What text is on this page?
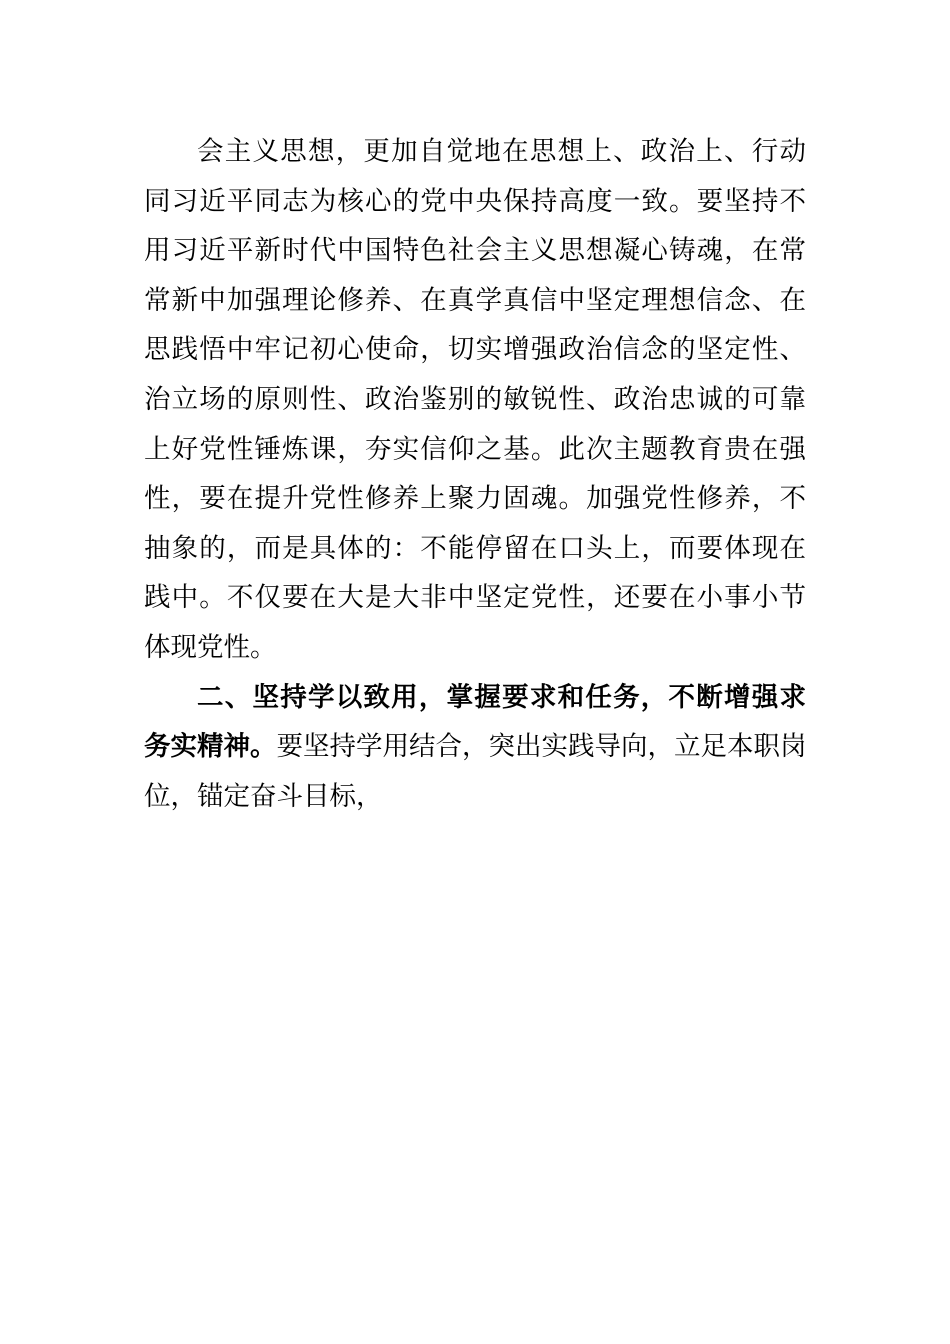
会主义思想，更加自觉地在思想上、政治上、行动
同习近平同志为核心的党中央保持高度一致。要坚持不
用习近平新时代中国特色社会主义思想凝心铸魂，在常
常新中加强理论修养、在真学真信中坚定理想信念、在
思践悟中牢记初心使命，切实增强政治信念的坚定性、
治立场的原则性、政治鉴别的敏锐性、政治忠诚的可靠
上好党性锤炼课，夯实信仰之基。此次主题教育贵在强
性，要在提升党性修养上聚力固魂。加强党性修养，不
抽象的，而是具体的：不能停留在口头上，而要体现在
践中。不仅要在大是大非中坚定党性，还要在小事小节
体现党性。
二、坚持学以致用，掌握要求和任务，不断增强求
务实精神。要坚持学用结合，突出实践导向，立足本职岗
位，锚定奋斗目标，
